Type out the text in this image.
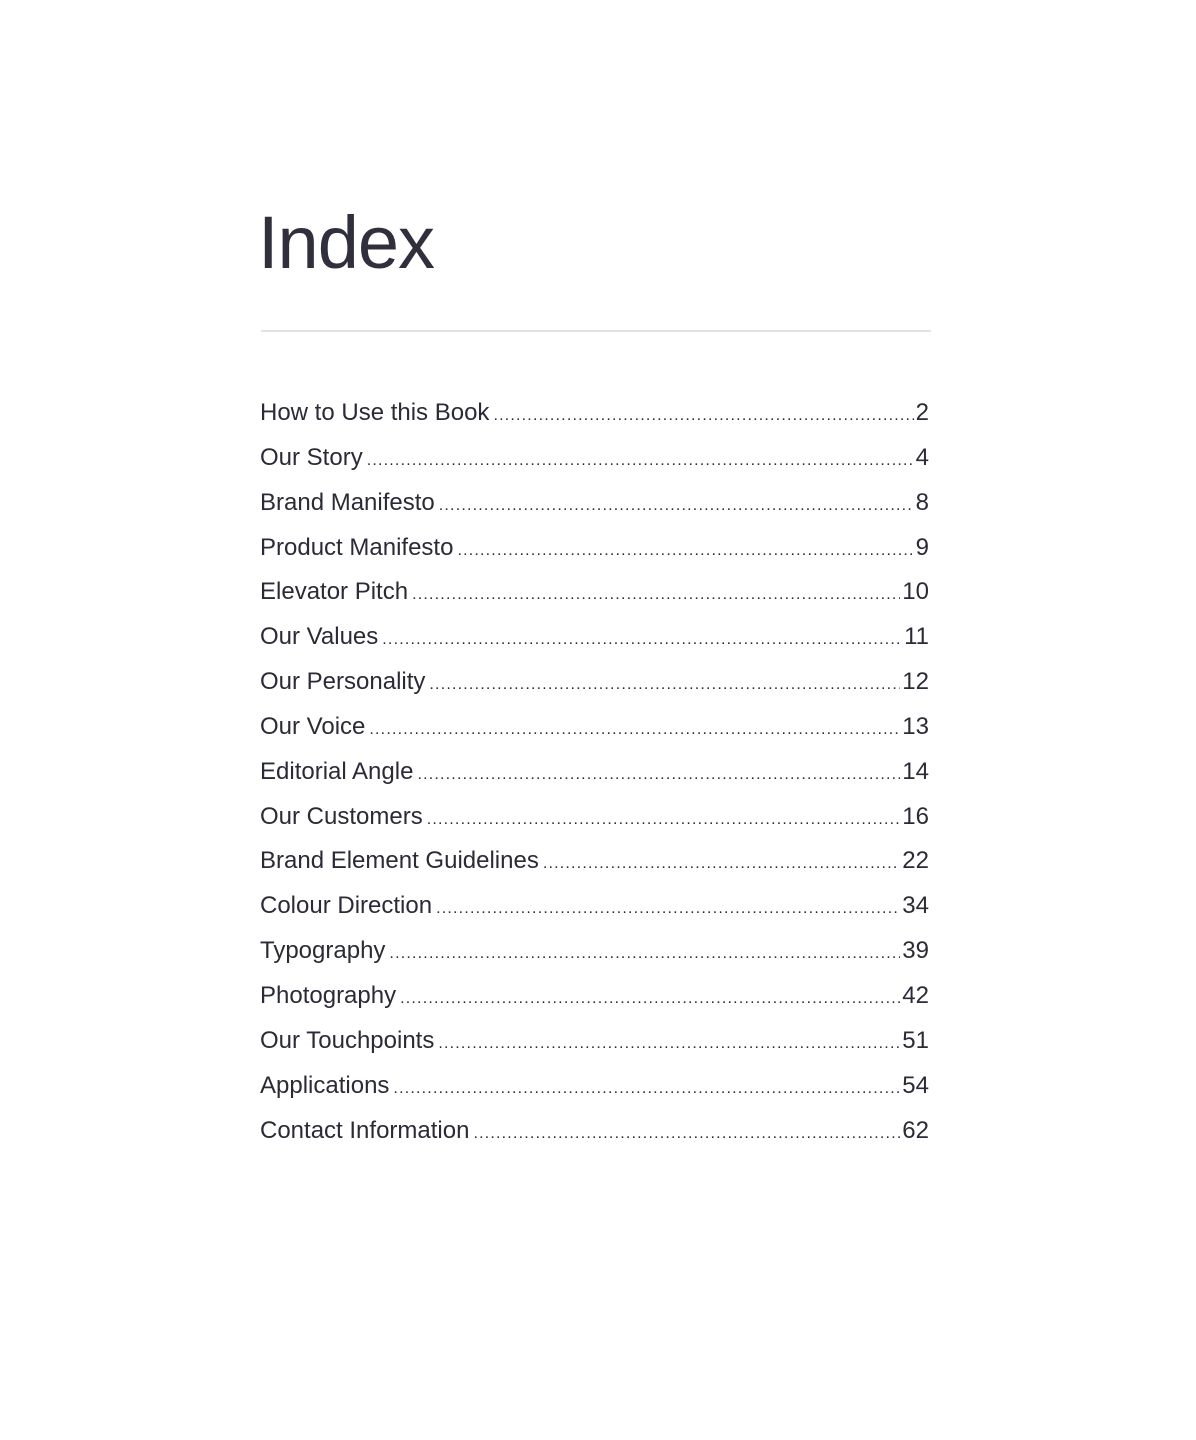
Index
How to Use this Book .....	2
Our Story .....	4
Brand Manifesto .....	8
Product Manifesto .....	9
Elevator Pitch .....	10
Our Values .....	11
Our Personality .....	12
Our Voice .....	13
Editorial Angle .....	14
Our Customers .....	16
Brand Element Guidelines .....	22
Colour Direction .....	34
Typography .....	39
Photography .....	42
Our Touchpoints .....	51
Applications .....	54
Contact Information .....	62
